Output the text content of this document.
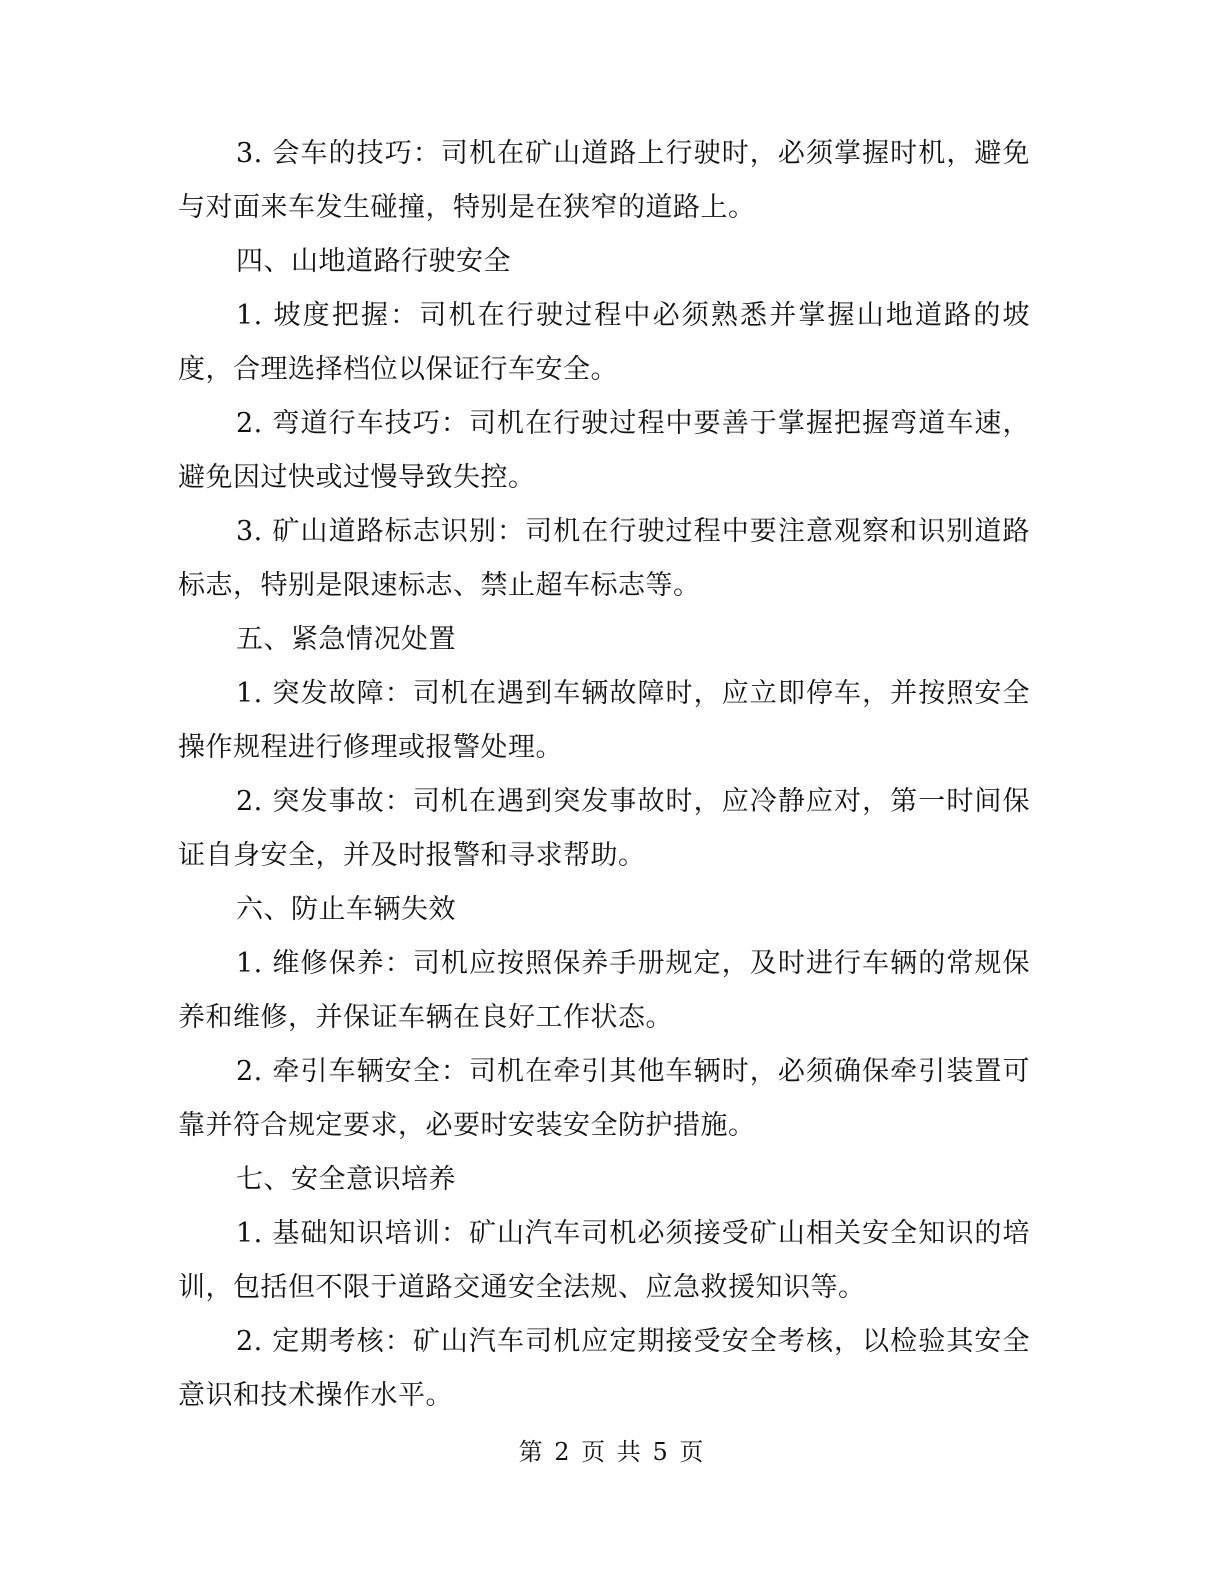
3. 会车的技巧：司机在矿山道路上行驶时，必须掌握时机，避免与对面来车发生碰撞，特别是在狭窄的道路上。

四、山地道路行驶安全

1. 坡度把握：司机在行驶过程中必须熟悉并掌握山地道路的坡度，合理选择档位以保证行车安全。

2. 弯道行车技巧：司机在行驶过程中要善于掌握把握弯道车速，避免因过快或过慢导致失控。

3. 矿山道路标志识别：司机在行驶过程中要注意观察和识别道路标志，特别是限速标志、禁止超车标志等。

五、紧急情况处置

1. 突发故障：司机在遇到车辆故障时，应立即停车，并按照安全操作规程进行修理或报警处理。

2. 突发事故：司机在遇到突发事故时，应冷静应对，第一时间保证自身安全，并及时报警和寻求帮助。

六、防止车辆失效

1. 维修保养：司机应按照保养手册规定，及时进行车辆的常规保养和维修，并保证车辆在良好工作状态。

2. 牵引车辆安全：司机在牵引其他车辆时，必须确保牵引装置可靠并符合规定要求，必要时安装安全防护措施。

七、安全意识培养

1. 基础知识培训：矿山汽车司机必须接受矿山相关安全知识的培训，包括但不限于道路交通安全法规、应急救援知识等。

2. 定期考核：矿山汽车司机应定期接受安全考核，以检验其安全意识和技术操作水平。

第 2 页 共 5 页
